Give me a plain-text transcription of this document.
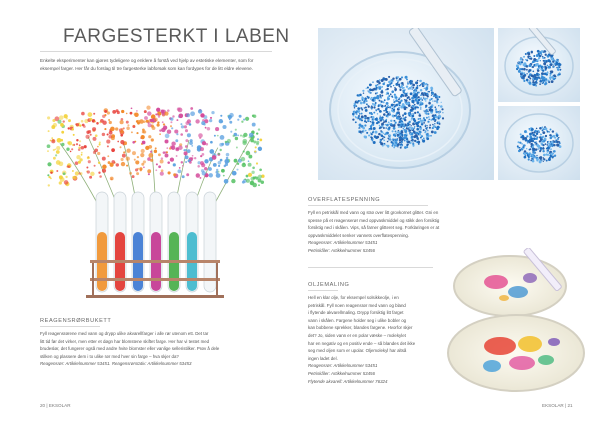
FARGESTERKT I LABEN
Enkelte eksperimenter kan gjøres tydeligere og enklere å forstå ved hjelp av estetiske elementer, som for eksempel farger. Her får du forslag til tre fargesterke labforsøk som kan fordypes for de litt eldre elevene.
REAGENSRØRBUKETT
Fyll reagensrørene med vann og drypp ulike akvarellfarger i alle rør utenom ett. Det tar
litt tid før det virker, men etter et døgn har blomstene skiftet farge. Her har vi testet med
brudeslør, det fungerer også med andre hvite blomster eller vanlige selleristilker. Prøv å dele
stilken og plassere dem i to ulike rør med hver sin farge – hva skjer da?
Reagensrør: Artikkelnummer 53451. Reagensrørstativ: Artikkelnummer 53453
20 | EKSOLAR
OVERFLATESPENNING
Fyll en petriskål med vann og strø over litt grovkornet glitter. Gni en
spesse på et reagenserør med oppvaskmiddel og stikk den forsiktig
forsiktig ned i skålen. Vips, så farner glitteret seg. Forklaringen er at
oppvaskmiddelet senker vannets overflatespenning.
Reagensrør: Artikkelnummer 53451
Petriskåler: Artikkelnummer 53456
OLJEMALING
Hell en klar olje, for eksempel solsikkeolje, i en
petriskål. Fyll noen reagensrør med vann og bland
i flytende akvarellmaling. Drypp forsiktig litt farget
vann i skålen. Fargene holder seg i ulike bobler og
kan bobbene sprekker, blandes fargene. Hvorfor skjer
det? Jo, siden vann er en polar væske – molekylet
har en negativ og en positiv ende – så blandes det ikke
seg med oljen som er upolar. Oljemolekyl har altså
ingen ladet del.
Reagensrør: Artikkelnummer 53451
Petriskåler: Artikkelnummer 53456
Flytende akvarell: Artikkelnummer 76324
EKSOLAR | 21
